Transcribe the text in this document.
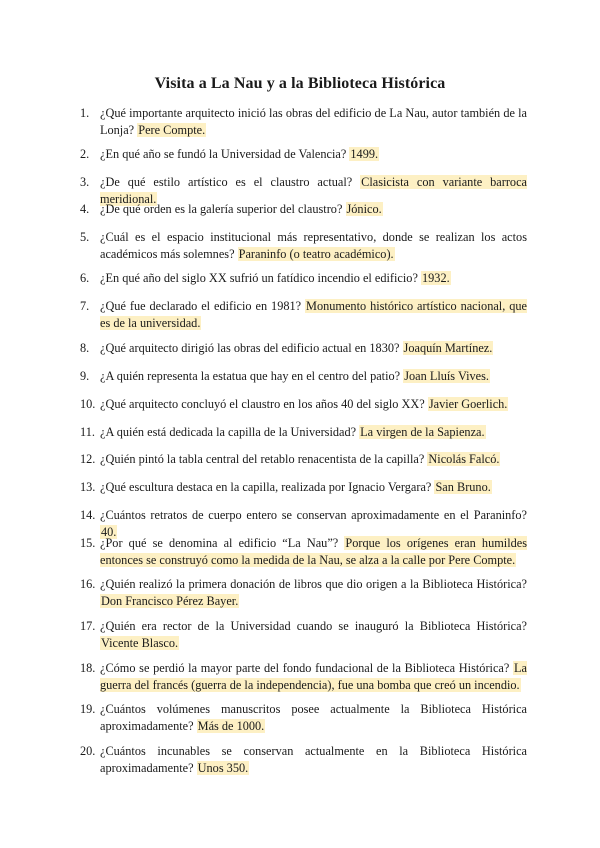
Visita a La Nau y a la Biblioteca Histórica
1. ¿Qué importante arquitecto inició las obras del edificio de La Nau, autor también de la Lonja? Pere Compte.
2. ¿En qué año se fundó la Universidad de Valencia? 1499.
3. ¿De qué estilo artístico es el claustro actual? Clasicista con variante barroca meridional.
4. ¿De qué orden es la galería superior del claustro? Jónico.
5. ¿Cuál es el espacio institucional más representativo, donde se realizan los actos académicos más solemnes? Paraninfo (o teatro académico).
6. ¿En qué año del siglo XX sufrió un fatídico incendio el edificio? 1932.
7. ¿Qué fue declarado el edificio en 1981? Monumento histórico artístico nacional, que es de la universidad.
8. ¿Qué arquitecto dirigió las obras del edificio actual en 1830? Joaquín Martínez.
9. ¿A quién representa la estatua que hay en el centro del patio? Joan Lluís Vives.
10. ¿Qué arquitecto concluyó el claustro en los años 40 del siglo XX? Javier Goerlich.
11. ¿A quién está dedicada la capilla de la Universidad? La virgen de la Sapienza.
12. ¿Quién pintó la tabla central del retablo renacentista de la capilla? Nicolás Falcó.
13. ¿Qué escultura destaca en la capilla, realizada por Ignacio Vergara? San Bruno.
14. ¿Cuántos retratos de cuerpo entero se conservan aproximadamente en el Paraninfo? 40.
15. ¿Por qué se denomina al edificio “La Nau”? Porque los orígenes eran humildes entonces se construyó como la medida de la Nau, se alza a la calle por Pere Compte.
16. ¿Quién realizó la primera donación de libros que dio origen a la Biblioteca Histórica? Don Francisco Pérez Bayer.
17. ¿Quién era rector de la Universidad cuando se inauguró la Biblioteca Histórica? Vicente Blasco.
18. ¿Cómo se perdió la mayor parte del fondo fundacional de la Biblioteca Histórica? La guerra del francés (guerra de la independencia), fue una bomba que creó un incendio.
19. ¿Cuántos volúmenes manuscritos posee actualmente la Biblioteca Histórica aproximadamente? Más de 1000.
20. ¿Cuántos incunables se conservan actualmente en la Biblioteca Histórica aproximadamente? Unos 350.
